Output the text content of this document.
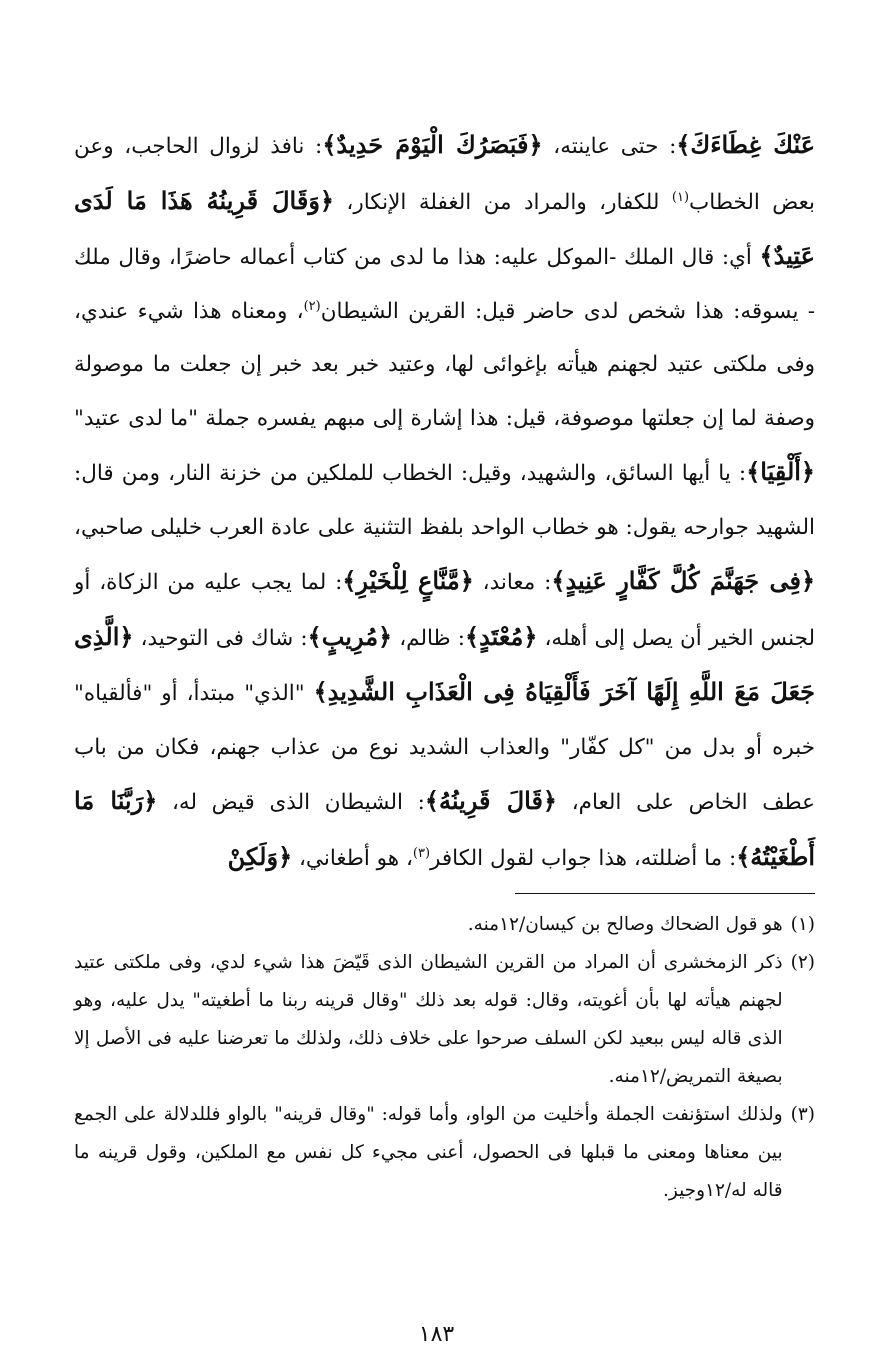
عَنْكَ غِطَاءَكَ﴾: حتى عاينته، ﴿فَبَصَرُكَ الْيَوْمَ حَدِيدٌ﴾: نافذ لزوال الحاجب، وعن بعض الخطاب$^{(١)}$ للكفار، والمراد من الغفلة الإنكار، ﴿وَقَالَ قَرِينُهُ هَذَا مَا لَدَى عَتِيدٌ﴾ أي: قال الملك -الموكل عليه: هذا ما لدى من كتاب أعماله حاضرًا، وقال ملك - يسوقه: هذا شخص لدى حاضر قيل: القرين الشيطان$^{(٢)}$، ومعناه هذا شيء عندي، وفى ملكتى عتيد لجهنم هيأته بإغوائى لها، وعتيد خبر بعد خبر إن جعلت ما موصولة وصفة لما إن جعلتها موصوفة، قيل: هذا إشارة إلى مبهم يفسره جملة "ما لدى عتيد" ﴿أَلْقِيَا﴾: يا أيها السائق، والشهيد، وقيل: الخطاب للملكين من خزنة النار، ومن قال: الشهيد جوارحه يقول: هو خطاب الواحد بلفظ التثنية على عادة العرب خليلى صاحبي،﴿فِى جَهَنَّمَ كُلَّ كَفَّارٍ عَنِيدٍ﴾: معاند، ﴿مَّنَّاعٍ لِلْخَيْرِ﴾: لما يجب عليه من الزكاة، أو لجنس الخير أن يصل إلى أهله، ﴿مُعْتَدٍ﴾: ظالم، ﴿مُرِيبٍ﴾: شاك فى التوحيد، ﴿الَّذِى جَعَلَ مَعَ اللَّهِ إِلَهًا آخَرَ فَأَلْقِيَاهُ فِى الْعَذَابِ الشَّدِيدِ﴾ "الذي" مبتدأ، أو "فألقياه" خبره أو بدل من "كل كفّار" والعذاب الشديد نوع من عذاب جهنم، فكان من باب عطف الخاص على العام، ﴿قَالَ قَرِينُهُ﴾: الشيطان الذى قيض له، ﴿رَبَّنَا مَا أَطْغَيْتُهُ﴾: ما أضللته، هذا جواب لقول الكافر$^{(٣)}$، هو أطغاني، ﴿وَلَكِنْ
(١)
هو قول الضحاك وصالح بن كيسان/١٢منه.
(٢)
ذكر الزمخشرى أن المراد من القرين الشيطان الذى قَيّضَ هذا شيء لدي، وفى ملكتى عتيد لجهنم هيأته لها بأن أغويته، وقال: قوله بعد ذلك "وقال قرينه ربنا ما أطغيته" يدل عليه، وهو الذى قاله ليس ببعيد لكن السلف صرحوا على خلاف ذلك، ولذلك ما تعرضنا عليه فى الأصل إلا بصيغة التمريض/١٢منه.
(٣)
ولذلك استؤنفت الجملة وأخليت من الواو، وأما قوله: "وقال قرينه" بالواو فللدلالة على الجمع بين معناها ومعنى ما قبلها فى الحصول، أعنى مجيء كل نفس مع الملكين، وقول قرينه ما قاله له/١٢وجيز.
١٨٣
